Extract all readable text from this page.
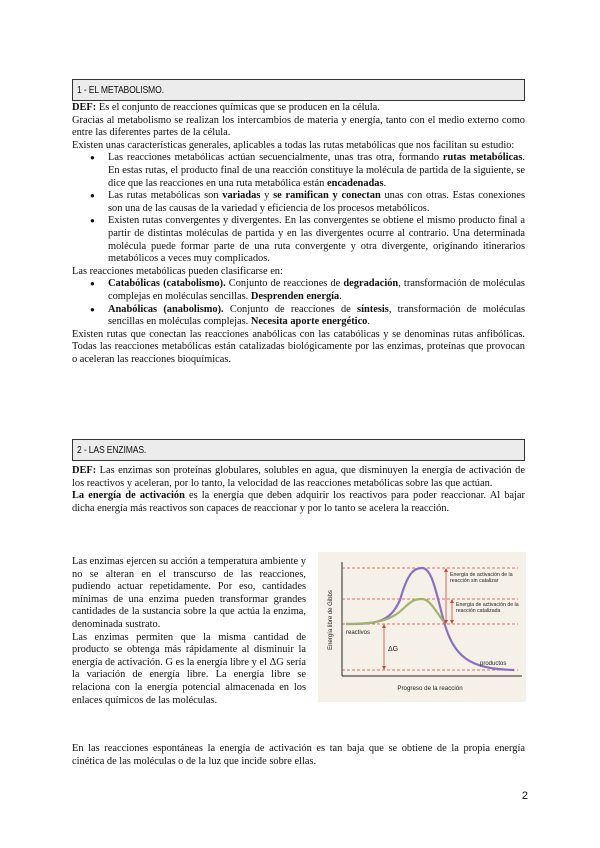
1 - EL METABOLISMO.

DEF: Es el conjunto de reacciones químicas que se producen en la célula.

Gracias al metabolismo se realizan los intercambios de materia y energía, tanto con el medio externo como entre las diferentes partes de la célula.

Existen unas características generales, aplicables a todas las rutas metabólicas que nos facilitan su estudio:

● Las reacciones metabólicas actúan secuencialmente, unas tras otra, formando rutas metabólicas. En estas rutas, el producto final de una reacción constituye la molécula de partida de la siguiente, se dice que las reacciones en una ruta metabólica están encadenadas.
● Las rutas metabólicas son variadas y se ramifican y conectan unas con otras. Estas conexiones son una de las causas de la variedad y eficiencia de los procesos metabólicos.
● Existen rutas convergentes y divergentes. En las convergentes se obtiene el mismo producto final a partir de distintas moléculas de partida y en las divergentes ocurre al contrario. Una determinada molécula puede formar parte de una ruta convergente y otra divergente, originando itinerarios metabólicos a veces muy complicados.

Las reacciones metabólicas pueden clasificarse en:

● Catabólicas (catabolismo). Conjunto de reacciones de degradación, transformación de moléculas complejas en moléculas sencillas. Desprenden energía.
● Anabólicas (anabolismo). Conjunto de reacciones de síntesis, transformación de moléculas sencillas en moléculas complejas. Necesita aporte energético.

Existen rutas que conectan las reacciones anabólicas con las catabólicas y se denominas rutas anfibólicas. Todas las reacciones metabólicas están catalizadas biológicamente por las enzimas, proteínas que provocan o aceleran las reacciones bioquímicas.

2 - LAS ENZIMAS.

DEF: Las enzimas son proteínas globulares, solubles en agua, que disminuyen la energía de activación de los reactivos y aceleran, por lo tanto, la velocidad de las reacciones metabólicas sobre las que actúan.

La energía de activación es la energía que deben adquirir los reactivos para poder reaccionar. Al bajar dicha energía más reactivos son capaces de reaccionar y por lo tanto se acelera la reacción.

Las enzimas ejercen su acción a temperatura ambiente y no se alteran en el transcurso de las reacciones, pudiendo actuar repetidamente. Por eso, cantidades mínimas de una enzima pueden transformar grandes cantidades de la sustancia sobre la que actúa la enzima, denominada sustrato.

Las enzimas permiten que la misma cantidad de producto se obtenga más rápidamente al disminuir la energía de activación. G es la energía libre y el ΔG sería la variación de energía libre. La energía libre se relaciona con la energía potencial almacenada en los enlaces químicos de las moléculas.

En las reacciones espontáneas la energía de activación es tan baja que se obtiene de la propia energía cinética de las moléculas o de la luz que incide sobre ellas.

Energía libre de Gibbs
Progreso de la reacción
reactivos
ΔG
productos
Energía de activación de la reacción sin catalizar
Energía de activación de la reacción catalizada
2
